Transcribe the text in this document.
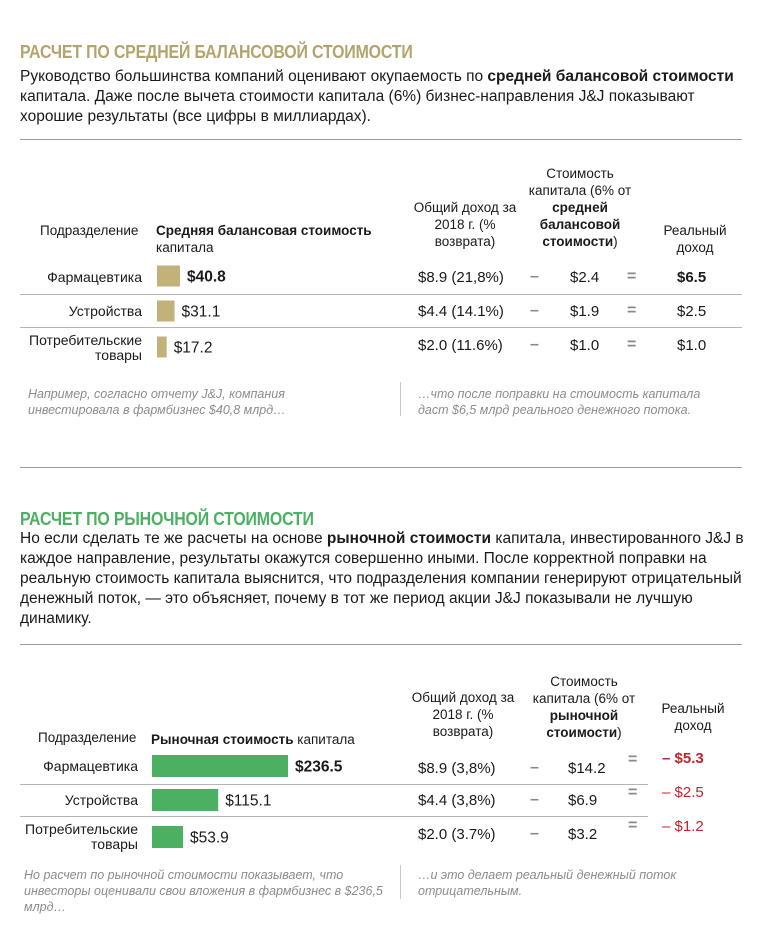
РАСЧЕТ ПО СРЕДНЕЙ БАЛАНСОВОЙ СТОИМОСТИ
Руководство большинства компаний оценивают окупаемость по средней балансовой стоимости капитала. Даже после вычета стоимости капитала (6%) бизнес-направления J&J показывают хорошие результаты (все цифры в миллиардах).
Подразделение Средняя балансовая стоимость
капитала
Общий доход за 2018 г. (% возврата)
Стоимость капитала (6% от средней балансовой стоимости)
Реальный доход
Фармацевтика
Устройства
Потребительские товары
$40.8
$31.1
$17.2
$8.9 (21,8%)
$4.4 (14.1%)
$2.0 (11.6%)
–
–
–
$2.4
$1.9
$1.0
=
=
=
$6.5
$2.5
$1.0
Например, согласно отчету J&J, компания инвестировала в фармбизнес $40,8 млрд…
…что после поправки на стоимость капитала даст $6,5 млрд реального денежного потока.
РАСЧЕТ ПО РЫНОЧНОЙ СТОИМОСТИ
Но если сделать те же расчеты на основе рыночной стоимости капитала, инвестированного J&J в каждое направление, результаты окажутся совершенно иными. После корректной поправки на реальную стоимость капитала выяснится, что подразделения компании генерируют отрицательный денежный поток, — это объясняет, почему в тот же период акции J&J показывали не лучшую динамику.
Подразделение Рыночная стоимость капитала
Общий доход за 2018 г. (% возврата)
Стоимость капитала (6% от рыночной стоимости)
Реальный доход
Фармацевтика
Устройства
Потребительские товары
$236.5
$115.1
$53.9
$8.9 (3,8%)
$4.4 (3,8%)
$2.0 (3.7%)
–
–
–
$14.2
$6.9
$3.2
=
=
=
– $5.3
– $2.5
– $1.2
Но расчет по рыночной стоимости показывает, что инвесторы оценивали свои вложения в фармбизнес в $236,5 млрд…
…и это делает реальный денежный поток отрицательным.
